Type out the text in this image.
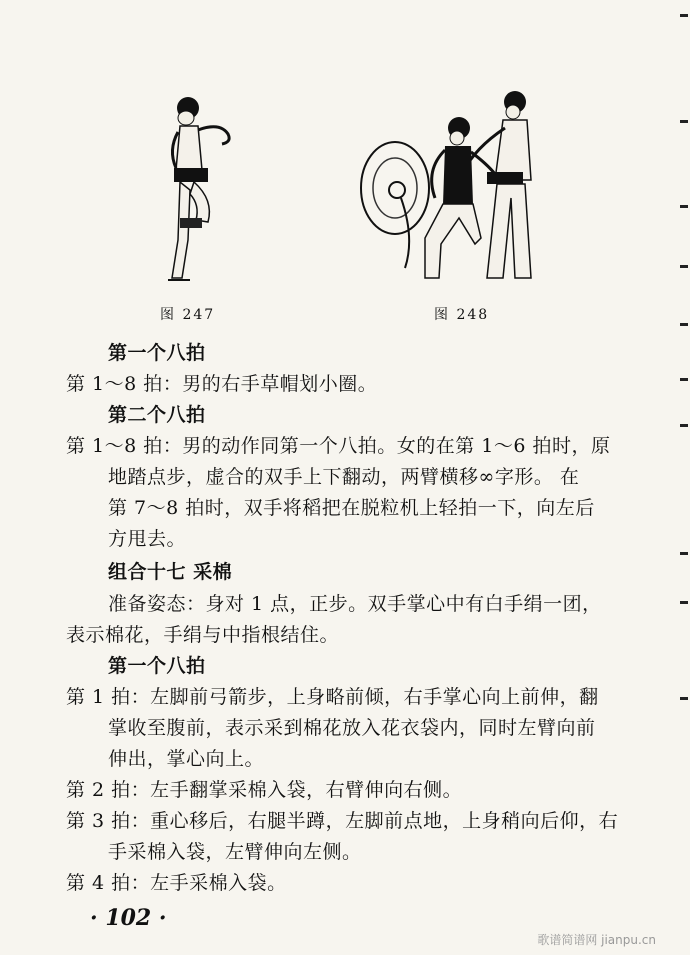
图 247	图 248
第一个八拍
第 1～8 拍：男的右手草帽划小圈。
第二个八拍
第 1～8 拍：男的动作同第一个八拍。女的在第 1～6 拍时，原
地踏点步，虚合的双手上下翻动，两臂横移∞字形。 在
第 7～8 拍时，双手将稻把在脱粒机上轻拍一下，向左后
方甩去。
组合十七 采棉
准备姿态：身对 1 点，正步。双手掌心中有白手绢一团，
表示棉花，手绢与中指根结住。
第一个八拍
第 1 拍：左脚前弓箭步，上身略前倾，右手掌心向上前伸，翻
掌收至腹前，表示采到棉花放入花衣袋内，同时左臂向前
伸出，掌心向上。
第 2 拍：左手翻掌采棉入袋，右臂伸向右侧。
第 3 拍：重心移后，右腿半蹲，左脚前点地，上身稍向后仰，右
手采棉入袋，左臂伸向左侧。
第 4 拍：左手采棉入袋。
· 102 ·
歌谱简谱网 jianpu.cn
